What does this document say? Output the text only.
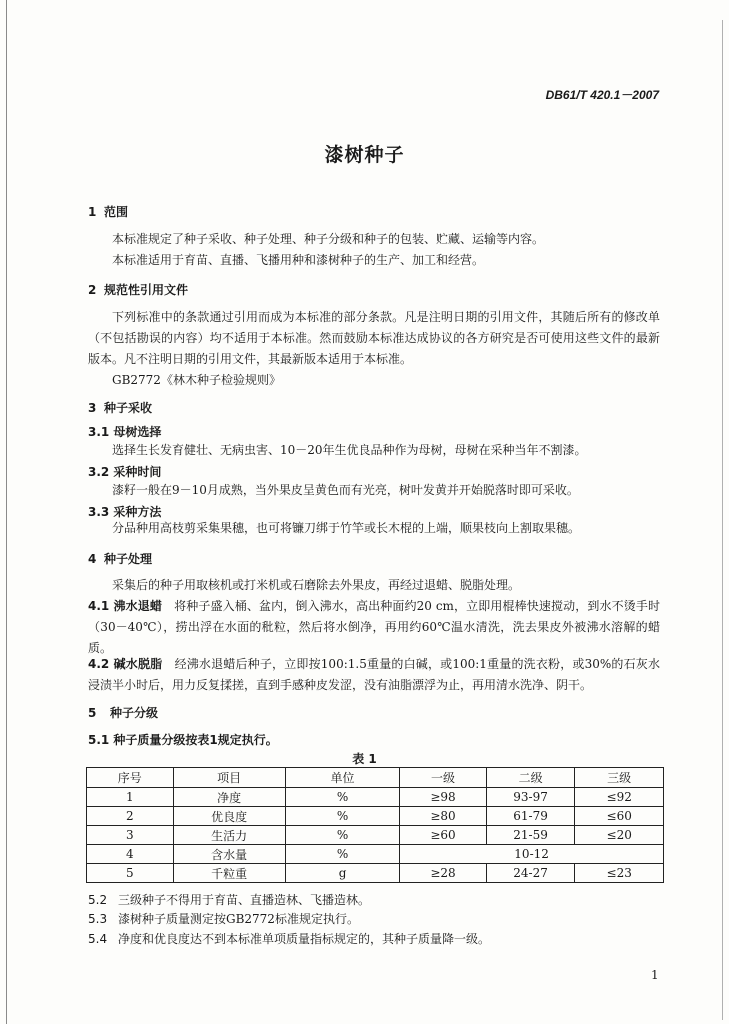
DB61/T 420.1－2007
漆树种子
1 范围
本标准规定了种子采收、种子处理、种子分级和种子的包装、贮藏、运输等内容。
本标准适用于育苗、直播、飞播用种和漆树种子的生产、加工和经营。
2 规范性引用文件
下列标准中的条款通过引用而成为本标准的部分条款。凡是注明日期的引用文件，其随后所有的修改单（不包括勘误的内容）均不适用于本标准。然而鼓励本标准达成协议的各方研究是否可使用这些文件的最新版本。凡不注明日期的引用文件，其最新版本适用于本标准。
GB2772《林木种子检验规则》
3 种子采收
3.1 母树选择
选择生长发育健壮、无病虫害、10－20年生优良品种作为母树，母树在采种当年不割漆。
3.2 采种时间
漆籽一般在9－10月成熟，当外果皮呈黄色而有光亮，树叶发黄并开始脱落时即可采收。
3.3 采种方法
分品种用高枝剪采集果穗，也可将镰刀绑于竹竿或长木棍的上端，顺果枝向上割取果穗。
4 种子处理
采集后的种子用取核机或打米机或石磨除去外果皮，再经过退蜡、脱脂处理。
4.1 沸水退蜡　 将种子盛入桶、盆内，倒入沸水，高出种面约20 cm，立即用棍棒快速搅动，到水不烫手时（30－40℃），捞出浮在水面的秕粒，然后将水倒净，再用约60℃温水清洗，洗去果皮外被沸水溶解的蜡质。
4.2 碱水脱脂　 经沸水退蜡后种子，立即按100:1.5重量的白碱，或100:1重量的洗衣粉，或30%的石灰水浸渍半小时后，用力反复揉搓，直到手感种皮发涩，没有油脂漂浮为止，再用清水洗净、阴干。
5 种子分级
5.1 种子质量分级按表1规定执行。
表 1
序号	项目	单位	一级	二级	三级
1	净度	%	≥98	93-97	≤92
2	优良度	%	≥80	61-79	≤60
3	生活力	%	≥60	21-59	≤20
4	含水量	%	10-12		
5	千粒重	g	≥28	24-27	≤23
5.2 三级种子不得用于育苗、直播造林、飞播造林。
5.3 漆树种子质量测定按GB2772标准规定执行。
5.4 净度和优良度达不到本标准单项质量指标规定的，其种子质量降一级。
1
